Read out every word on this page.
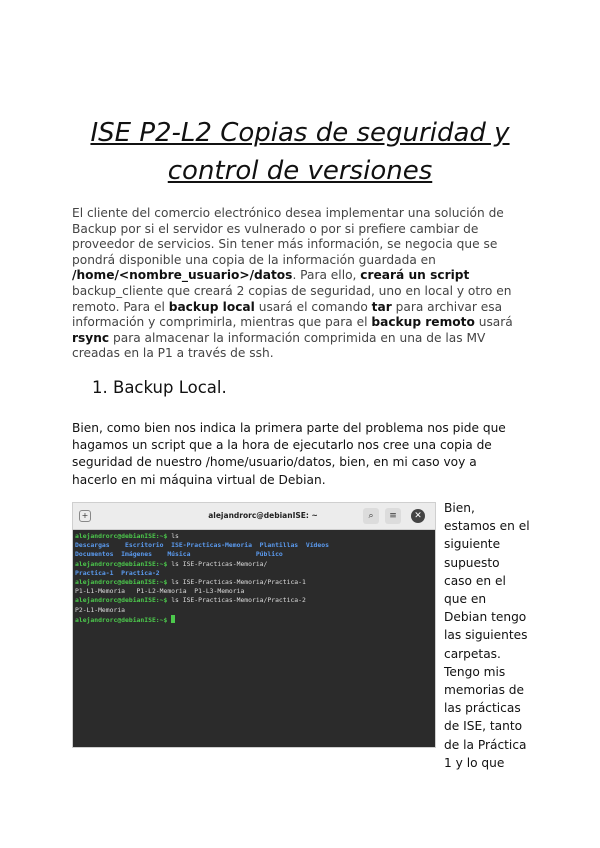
ISE P2-L2 Copias de seguridad y
control de versiones

El cliente del comercio electrónico desea implementar una solución de Backup por si el servidor es vulnerado o por si prefiere cambiar de proveedor de servicios. Sin tener más información, se negocia que se pondrá disponible una copia de la información guardada en /home/<nombre_usuario>/datos. Para ello, creará un script backup_cliente que creará 2 copias de seguridad, uno en local y otro en remoto. Para el backup local usará el comando tar para archivar esa información y comprimirla, mientras que para el backup remoto usará rsync para almacenar la información comprimida en una de las MV creadas en la P1 a través de ssh.

1. Backup Local.

Bien, como bien nos indica la primera parte del problema nos pide que hagamos un script que a la hora de ejecutarlo nos cree una copia de seguridad de nuestro /home/usuario/datos, bien, en mi caso voy a hacerlo en mi máquina virtual de Debian.

+	alejandrorc@debianISE: ~	⌕	≡	✕
alejandrorc@debianISE:~$ ls
Descargas    Escritorio  ISE-Practicas-Memoria  Plantillas  Vídeos
Documentos  Imágenes    Música                 Público
alejandrorc@debianISE:~$ ls ISE-Practicas-Memoria/
Practica-1  Practica-2
alejandrorc@debianISE:~$ ls ISE-Practicas-Memoria/Practica-1
P1-L1-Memoria   P1-L2-Memoria  P1-L3-Memoria
alejandrorc@debianISE:~$ ls ISE-Practicas-Memoria/Practica-2
P2-L1-Memoria
alejandrorc@debianISE:~$

Bien, estamos en el siguiente supuesto caso en el que en Debian tengo las siguientes carpetas. Tengo mis memorias de las prácticas de ISE, tanto de la Práctica 1 y lo que
